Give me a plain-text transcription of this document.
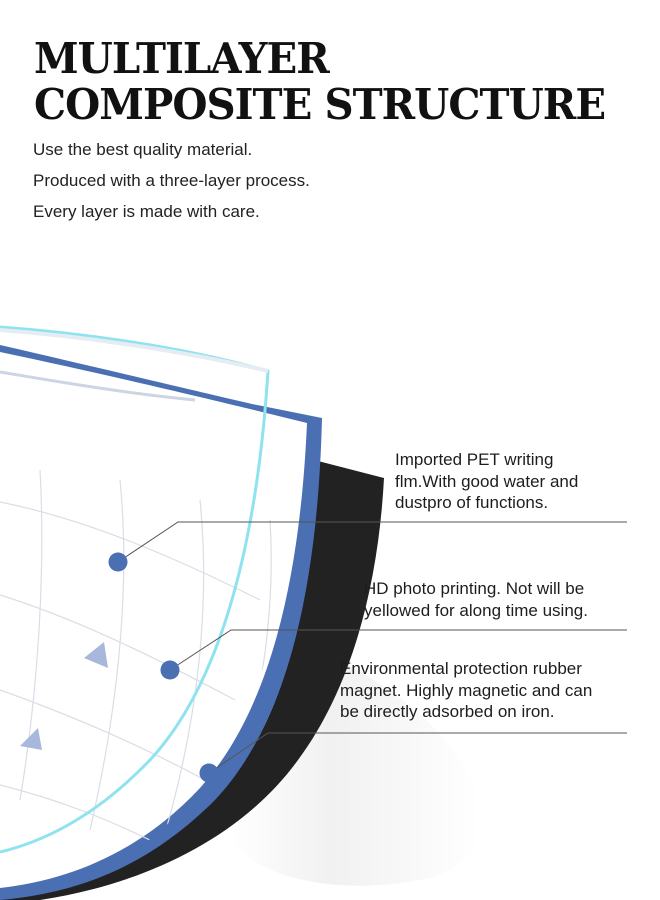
MULTILAYER
COMPOSITE STRUCTURE
Use the best quality material.
Produced with a three-layer process.
Every layer is made with care.
Imported PET writing
flm.With good water and
dustpro of functions.
HD photo printing. Not will be
yellowed for along time using.
Environmental protection rubber
magnet. Highly magnetic and can
be directly adsorbed on iron.
